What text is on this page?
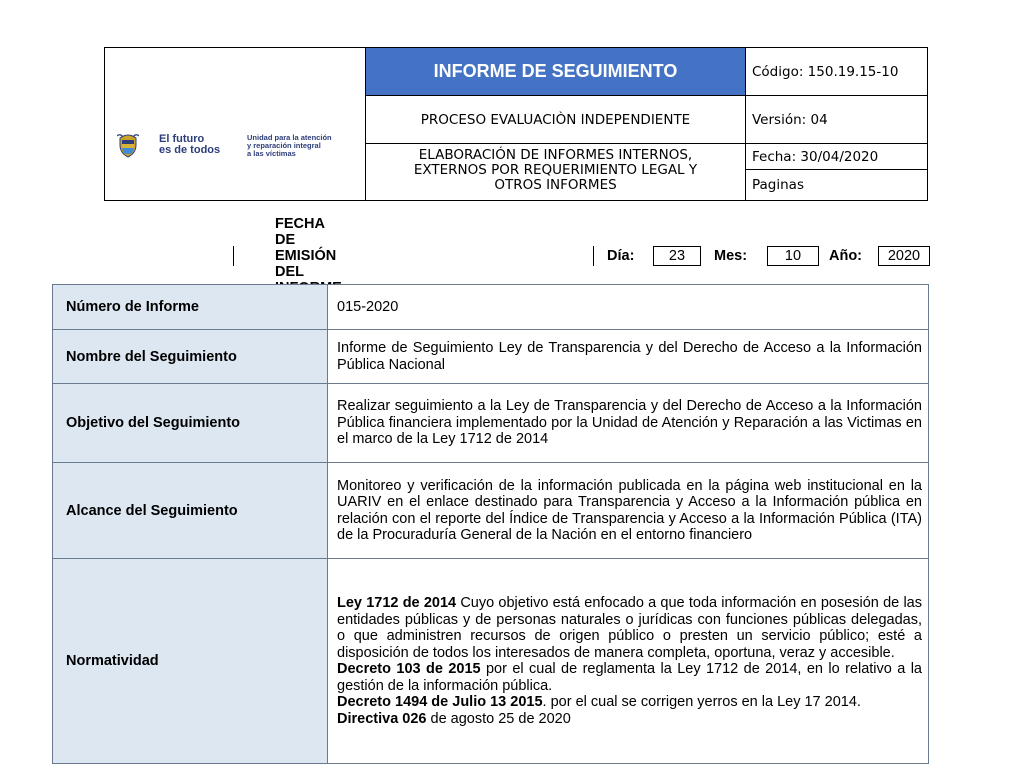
El futuro
es de todos
Unidad para la atención
y reparación integral
a las víctimas
INFORME DE SEGUIMIENTO	Código: 150.19.15-10
PROCESO EVALUACIÒN INDEPENDIENTE	Versión: 04
ELABORACIÓN DE INFORMES INTERNOS,
EXTERNOS POR REQUERIMIENTO LEGAL Y
OTROS INFORMES
Fecha: 30/04/2020
Paginas
FECHA DE EMISIÓN DEL
Día:	23	Mes:	10	Año:	2020
Número de Informe	015-2020
Nombre del Seguimiento	Informe de Seguimiento Ley de Transparencia y del Derecho de Acceso a la Información Pública Nacional
Objetivo del Seguimiento	Realizar seguimiento a la Ley de Transparencia y del Derecho de Acceso a la Información Pública financiera implementado por la Unidad de Atención y Reparación a las Victimas en el marco de la Ley 1712 de 2014
Alcance del Seguimiento	Monitoreo y verificación de la información publicada en la página web institucional en la UARIV en el enlace destinado para Transparencia y Acceso a la Información pública en relación con el reporte del Índice de Transparencia y Acceso a la Información Pública (ITA) de la Procuraduría General de la Nación en el entorno financiero
Normatividad	Ley 1712 de 2014 Cuyo objetivo está enfocado a que toda información en posesión de las entidades públicas y de personas naturales o jurídicas con funciones públicas delegadas, o que administren recursos de origen público o presten un servicio público; esté a disposición de todos los interesados de manera completa, oportuna, veraz y accesible.

Decreto 103 de 2015 por el cual de reglamenta la Ley 1712 de 2014, en lo relativo a la gestión de la información pública.

Decreto 1494 de Julio 13 2015. por el cual se corrigen yerros en la Ley 17 2014.

Directiva 026 de agosto 25 de 2020
